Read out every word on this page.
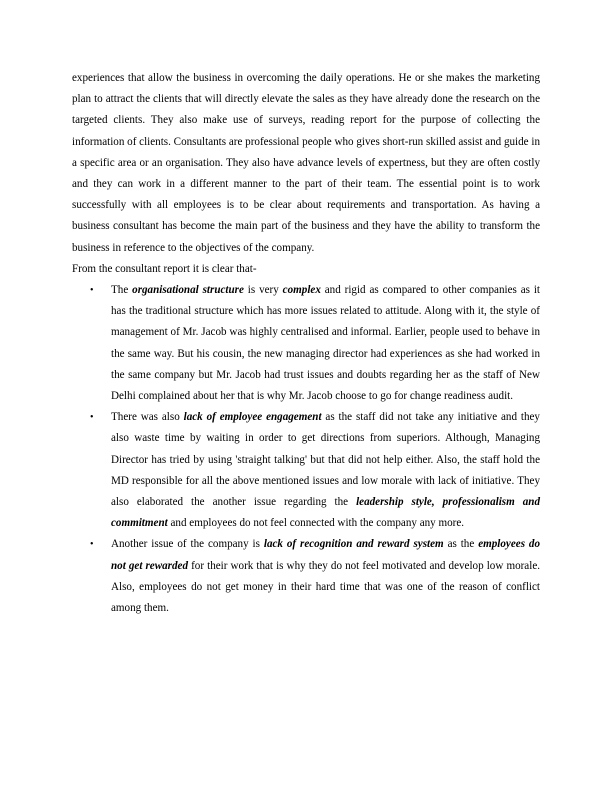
experiences that allow the business in overcoming the daily operations. He or she makes the marketing plan to attract the clients that will directly elevate the sales as they have already done the research on the targeted clients. They also make use of surveys, reading report for the purpose of collecting the information of clients. Consultants are professional people who gives short-run skilled assist and guide in a specific area or an organisation. They also have advance levels of expertness, but they are often costly and they can work in a different manner to the part of their team. The essential point is to work successfully with all employees is to be clear about requirements and transportation. As having a business consultant has become the main part of the business and they have the ability to transform the business in reference to the objectives of the company.

From the consultant report it is clear that-

• The organisational structure is very complex and rigid as compared to other companies as it has the traditional structure which has more issues related to attitude. Along with it, the style of management of Mr. Jacob was highly centralised and informal. Earlier, people used to behave in the same way. But his cousin, the new managing director had experiences as she had worked in the same company but Mr. Jacob had trust issues and doubts regarding her as the staff of New Delhi complained about her that is why Mr. Jacob choose to go for change readiness audit.
• There was also lack of employee engagement as the staff did not take any initiative and they also waste time by waiting in order to get directions from superiors. Although, Managing Director has tried by using 'straight talking' but that did not help either. Also, the staff hold the MD responsible for all the above mentioned issues and low morale with lack of initiative. They also elaborated the another issue regarding the leadership style, professionalism and commitment and employees do not feel connected with the company any more.
• Another issue of the company is lack of recognition and reward system as the employees do not get rewarded for their work that is why they do not feel motivated and develop low morale. Also, employees do not get money in their hard time that was one of the reason of conflict among them.
